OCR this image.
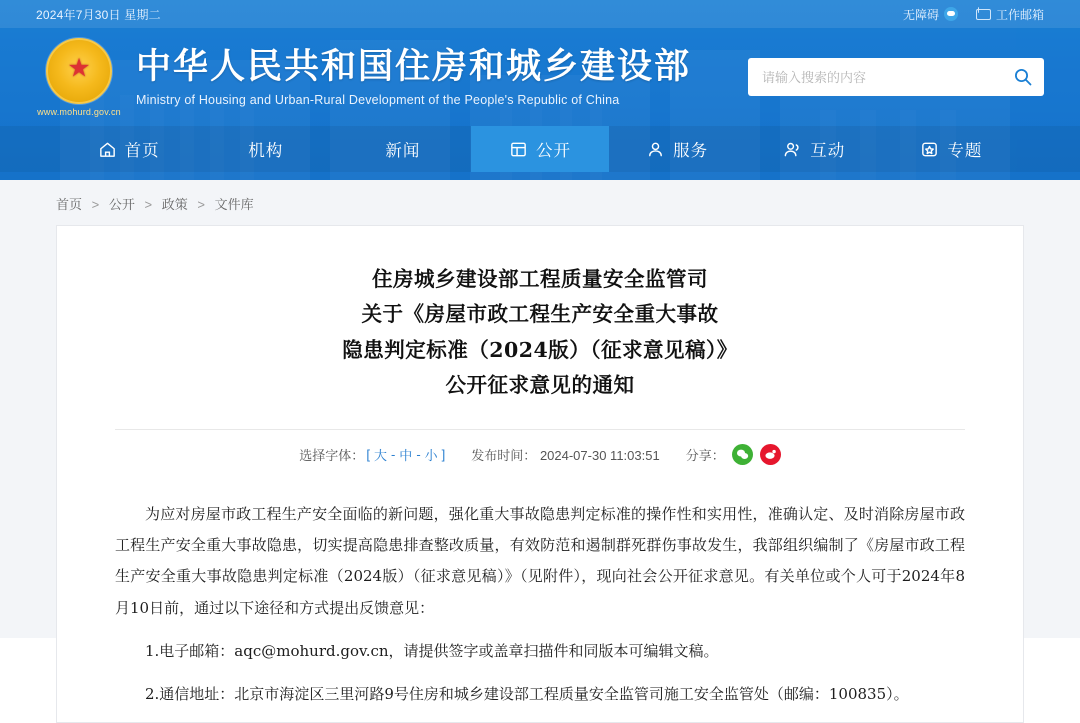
2024年7月30日 星期二	无障碍	工作邮箱
★
www.mohurd.gov.cn
中华人民共和国住房和城乡建设部
Ministry of Housing and Urban-Rural Development of the People's Republic of China
请输入搜索的内容
首页	机构	新闻	公开	服务	互动	专题
首页 > 公开 > 政策 > 文件库
住房城乡建设部工程质量安全监管司
关于《房屋市政工程生产安全重大事故
隐患判定标准（2024版）（征求意见稿）》
公开征求意见的通知
选择字体： [ 大 - 中 - 小 ] 发布时间： 2024-07-30 11:03:51 分享：

为应对房屋市政工程生产安全面临的新问题，强化重大事故隐患判定标准的操作性和实用性，准确认定、及时消除房屋市政工程生产安全重大事故隐患，切实提高隐患排查整改质量，有效防范和遏制群死群伤事故发生，我部组织编制了《房屋市政工程生产安全重大事故隐患判定标准（2024版）（征求意见稿）》（见附件），现向社会公开征求意见。有关单位或个人可于2024年8月10日前，通过以下途径和方式提出反馈意见：

1.电子邮箱：aqc@mohurd.gov.cn，请提供签字或盖章扫描件和同版本可编辑文稿。

2.通信地址：北京市海淀区三里河路9号住房和城乡建设部工程质量安全监管司施工安全监管处（邮编：100835）。
